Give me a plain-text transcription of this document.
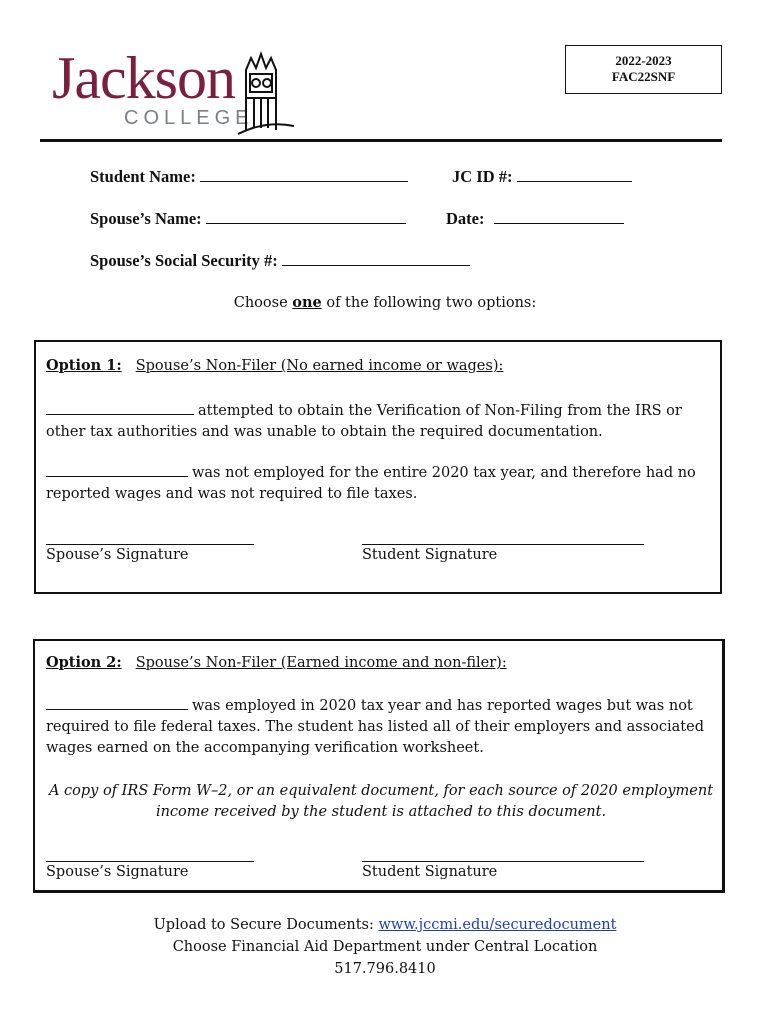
Jackson
COLLEGE
2022-2023
FAC22SNF
Student Name:	JC ID #:
Spouse’s Name:	Date:
Spouse’s Social Security #:
Choose one of the following two options:
Option 1: Spouse’s Non-Filer (No earned income or wages):
attempted to obtain the Verification of Non-Filing from the IRS or
other tax authorities and was unable to obtain the required documentation.
was not employed for the entire 2020 tax year, and therefore had no
reported wages and was not required to file taxes.
Spouse’s Signature	Student Signature
Option 2: Spouse’s Non-Filer (Earned income and non-filer):
was employed in 2020 tax year and has reported wages but was not
required to file federal taxes. The student has listed all of their employers and associated
wages earned on the accompanying verification worksheet.
A copy of IRS Form W–2, or an equivalent document, for each source of 2020 employment
income received by the student is attached to this document.
Spouse’s Signature	Student Signature
Upload to Secure Documents: www.jccmi.edu/securedocument
Choose Financial Aid Department under Central Location
517.796.8410
